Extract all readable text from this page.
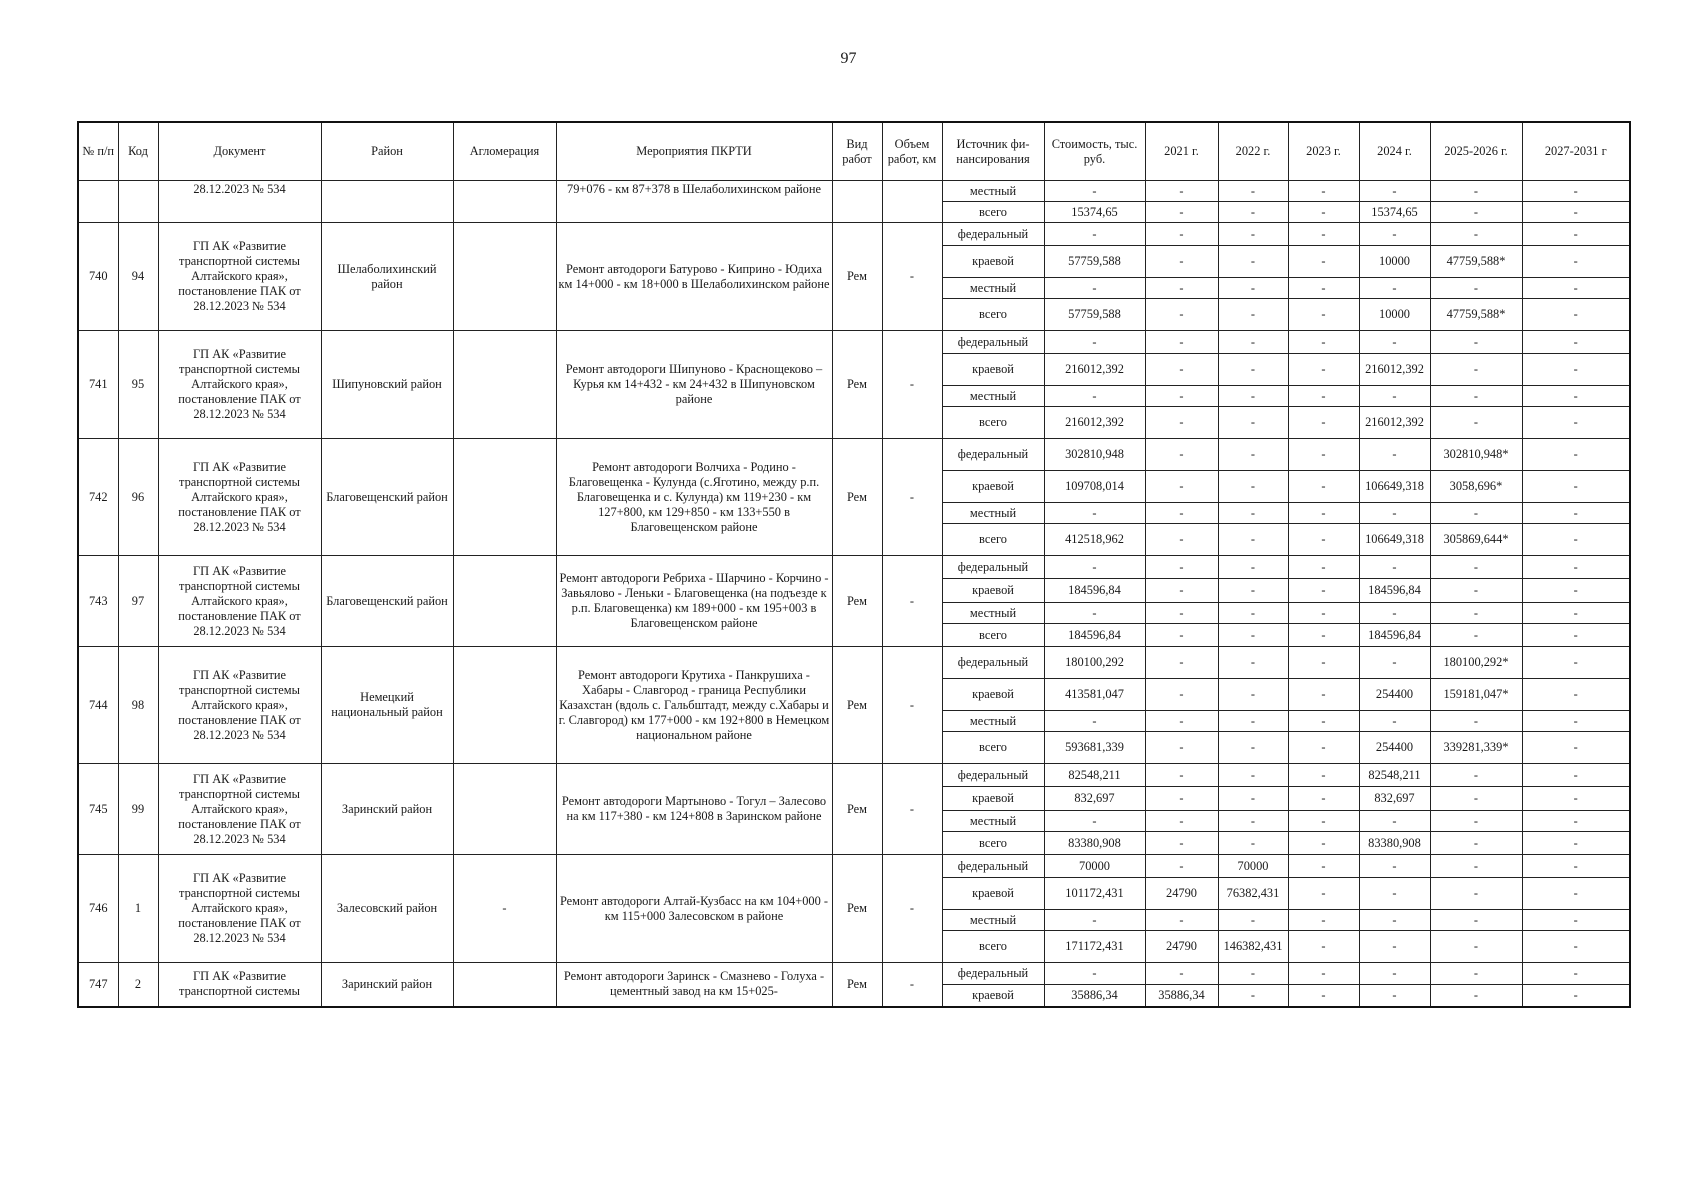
97
№ п/п	Код	Документ	Район	Агломерация	Мероприятия ПКРТИ	Вид работ	Объем работ, км	Источник фи-нансирования	Стоимость, тыс. руб.	2021 г.	2022 г.	2023 г.	2024 г.	2025-2026 г.	2027-2031 г
		28.12.2023 № 534			79+076 - км 87+378 в Шелаболихинском районе			местный	-	-	-	-	-	-	-
								всего	15374,65	-	-	-	15374,65	-	-
740	94	ГП АК «Развитие транспортной системы Алтайского края», постановление ПАК от 28.12.2023 № 534	Шелаболихинский район		Ремонт автодороги Батурово - Киприно - Юдиха км 14+000 - км 18+000 в Шелаболихинском районе	Рем	-	федеральный	-	-	-	-	-	-	-
								краевой	57759,588	-	-	-	10000	47759,588*	-
								местный	-	-	-	-	-	-	-
								всего	57759,588	-	-	-	10000	47759,588*	-
741	95	ГП АК «Развитие транспортной системы Алтайского края», постановление ПАК от 28.12.2023 № 534	Шипуновский район		Ремонт автодороги Шипуново - Краснощеково – Курья км 14+432 - км 24+432 в Шипуновском районе	Рем	-	федеральный	-	-	-	-	-	-	-
								краевой	216012,392	-	-	-	216012,392	-	-
								местный	-	-	-	-	-	-	-
								всего	216012,392	-	-	-	216012,392	-	-
742	96	ГП АК «Развитие транспортной системы Алтайского края», постановление ПАК от 28.12.2023 № 534	Благовещенский район		Ремонт автодороги Волчиха - Родино - Благовещенка - Кулунда (с.Яготино, между р.п. Благовещенка и с. Кулунда) км 119+230 - км 127+800, км 129+850 - км 133+550 в Благовещенском районе	Рем	-	федеральный	302810,948	-	-	-	-	302810,948*	-
								краевой	109708,014	-	-	-	106649,318	3058,696*	-
								местный	-	-	-	-	-	-	-
								всего	412518,962	-	-	-	106649,318	305869,644*	-
743	97	ГП АК «Развитие транспортной системы Алтайского края», постановление ПАК от 28.12.2023 № 534	Благовещенский район		Ремонт автодороги Ребриха - Шарчино - Корчино - Завьялово - Леньки - Благовещенка (на подъезде к р.п. Благовещенка) км 189+000 - км 195+003 в Благовещенском районе	Рем	-	федеральный	-	-	-	-	-	-	-
								краевой	184596,84	-	-	-	184596,84	-	-
								местный	-	-	-	-	-	-	-
								всего	184596,84	-	-	-	184596,84	-	-
744	98	ГП АК «Развитие транспортной системы Алтайского края», постановление ПАК от 28.12.2023 № 534	Немецкий национальный район		Ремонт автодороги Крутиха - Панкрушиха - Хабары - Славгород - граница Республики Казахстан (вдоль с. Гальбштадт, между с.Хабары и г. Славгород) км 177+000 - км 192+800 в Немецком национальном районе	Рем	-	федеральный	180100,292	-	-	-	-	180100,292*	-
								краевой	413581,047	-	-	-	254400	159181,047*	-
								местный	-	-	-	-	-	-	-
								всего	593681,339	-	-	-	254400	339281,339*	-
745	99	ГП АК «Развитие транспортной системы Алтайского края», постановление ПАК от 28.12.2023 № 534	Заринский район		Ремонт автодороги Мартыново - Тогул – Залесово на км 117+380 - км 124+808 в Заринском районе	Рем	-	федеральный	82548,211	-	-	-	82548,211	-	-
								краевой	832,697	-	-	-	832,697	-	-
								местный	-	-	-	-	-	-	-
								всего	83380,908	-	-	-	83380,908	-	-
746	1	ГП АК «Развитие транспортной системы Алтайского края», постановление ПАК от 28.12.2023 № 534	Залесовский район	-	Ремонт автодороги Алтай-Кузбасс на км 104+000 - км 115+000 Залесовском в районе	Рем	-	федеральный	70000	-	70000	-	-	-	-
								краевой	101172,431	24790	76382,431	-	-	-	-
								местный	-	-	-	-	-	-	-
								всего	171172,431	24790	146382,431	-	-	-	-
747	2	ГП АК «Развитие транспортной системы	Заринский район		Ремонт автодороги Заринск - Смазнево - Голуха - цементный завод на км 15+025-	Рем	-	федеральный	-	-	-	-	-	-	-
								краевой	35886,34	35886,34	-	-	-	-	-
